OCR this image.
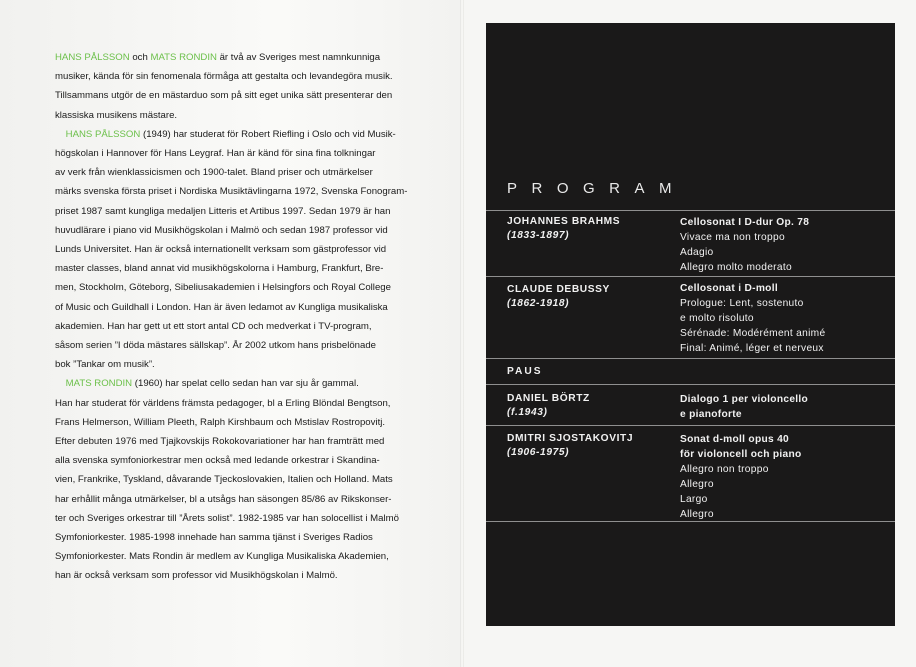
HANS PÅLSSON och MATS RONDIN är två av Sveriges mest namnkunniga
musiker, kända för sin fenomenala förmåga att gestalta och levandegöra musik.
Tillsammans utgör de en mästarduo som på sitt eget unika sätt presenterar den
klassiska musikens mästare.
HANS PÅLSSON (1949) har studerat för Robert Riefling i Oslo och vid Musik-
högskolan i Hannover för Hans Leygraf. Han är känd för sina fina tolkningar
av verk från wienklassicismen och 1900-talet. Bland priser och utmärkelser
märks svenska första priset i Nordiska Musiktävlingarna 1972, Svenska Fonogram-
priset 1987 samt kungliga medaljen Litteris et Artibus 1997. Sedan 1979 är han
huvudlärare i piano vid Musikhögskolan i Malmö och sedan 1987 professor vid
Lunds Universitet. Han är också internationellt verksam som gästprofessor vid
master classes, bland annat vid musikhögskolorna i Hamburg, Frankfurt, Bre-
men, Stockholm, Göteborg, Sibeliusakademien i Helsingfors och Royal College
of Music och Guildhall i London. Han är även ledamot av Kungliga musikaliska
akademien. Han har gett ut ett stort antal CD och medverkat i TV-program,
såsom serien ”I döda mästares sällskap”. År 2002 utkom hans prisbelönade
bok ”Tankar om musik”.
MATS RONDIN (1960) har spelat cello sedan han var sju år gammal.
Han har studerat för världens främsta pedagoger, bl a Erling Blöndal Bengtson,
Frans Helmerson, William Pleeth, Ralph Kirshbaum och Mstislav Rostropovitj.
Efter debuten 1976 med Tjajkovskijs Rokokovariationer har han framträtt med
alla svenska symfoniorkestrar men också med ledande orkestrar i Skandina-
vien, Frankrike, Tyskland, dåvarande Tjeckoslovakien, Italien och Holland. Mats
har erhållit många utmärkelser, bl a utsågs han säsongen 85/86 av Rikskonser-
ter och Sveriges orkestrar till ”Årets solist”. 1982-1985 var han solocellist i Malmö
Symfoniorkester. 1985-1998 innehade han samma tjänst i Sveriges Radios
Symfoniorkester. Mats Rondin är medlem av Kungliga Musikaliska Akademien,
han är också verksam som professor vid Musikhögskolan i Malmö.
PROGRAM
JOHANNES BRAHMS
(1833-1897)
Cellosonat I D-dur Op. 78
Vivace ma non troppo
Adagio
Allegro molto moderato
CLAUDE DEBUSSY
(1862-1918)
Cellosonat i D-moll
Prologue: Lent, sostenuto
e molto risoluto
Sérénade: Modérément animé
Final: Animé, léger et nerveux
PAUS
DANIEL BÖRTZ
(f.1943)
Dialogo 1 per violoncello
e pianoforte
DMITRI SJOSTAKOVITJ
(1906-1975)
Sonat d-moll opus 40
för violoncell och piano
Allegro non troppo
Allegro
Largo
Allegro
